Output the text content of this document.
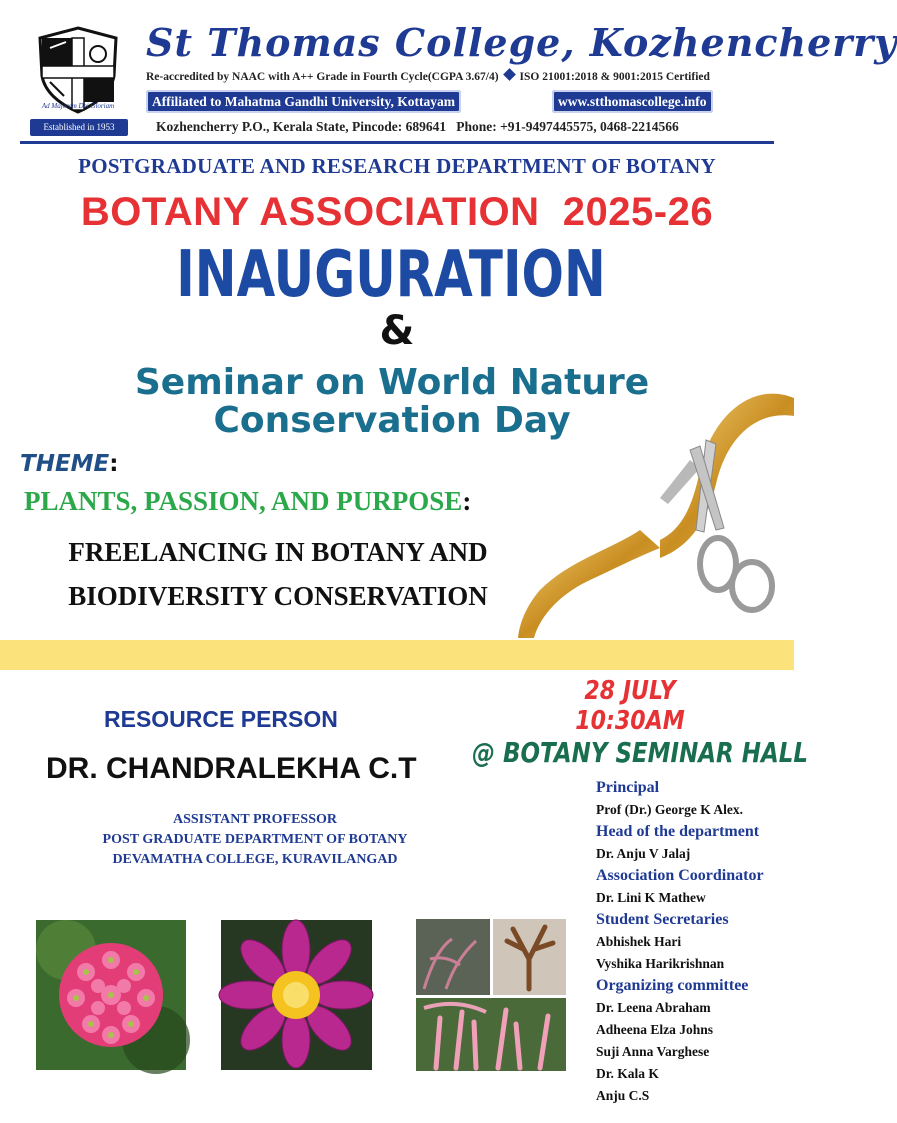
Ad Majorem Dei Gloriam
St Thomas College, Kozhencherry
Re-accredited by NAAC with A++ Grade in Fourth Cycle(CGPA 3.67/4) ISO 21001:2018 & 9001:2015 Certified
Affiliated to Mahatma Gandhi University, Kottayam	www.stthomascollege.info
Established in 1953	Kozhencherry P.O., Kerala State, Pincode: 689641   Phone: +91-9497445575, 0468-2214566
POSTGRADUATE AND RESEARCH DEPARTMENT OF BOTANY
BOTANY ASSOCIATION  2025-26
INAUGURATION
&
Seminar on World Nature
Conservation Day
THEME:
PLANTS, PASSION, AND PURPOSE:
FREELANCING IN BOTANY AND
BIODIVERSITY CONSERVATION
RESOURCE PERSON
DR. CHANDRALEKHA C.T
ASSISTANT PROFESSOR
POST GRADUATE DEPARTMENT OF BOTANY
DEVAMATHA COLLEGE, KURAVILANGAD
28 JULY
10:30AM
@ BOTANY SEMINAR HALL
Principal
Prof (Dr.) George K Alex.
Head of the department
Dr. Anju V Jalaj
Association Coordinator
Dr. Lini K Mathew
Student Secretaries
Abhishek Hari
Vyshika Harikrishnan
Organizing committee
Dr. Leena Abraham
Adheena Elza Johns
Suji Anna Varghese
Dr. Kala K
Anju C.S
